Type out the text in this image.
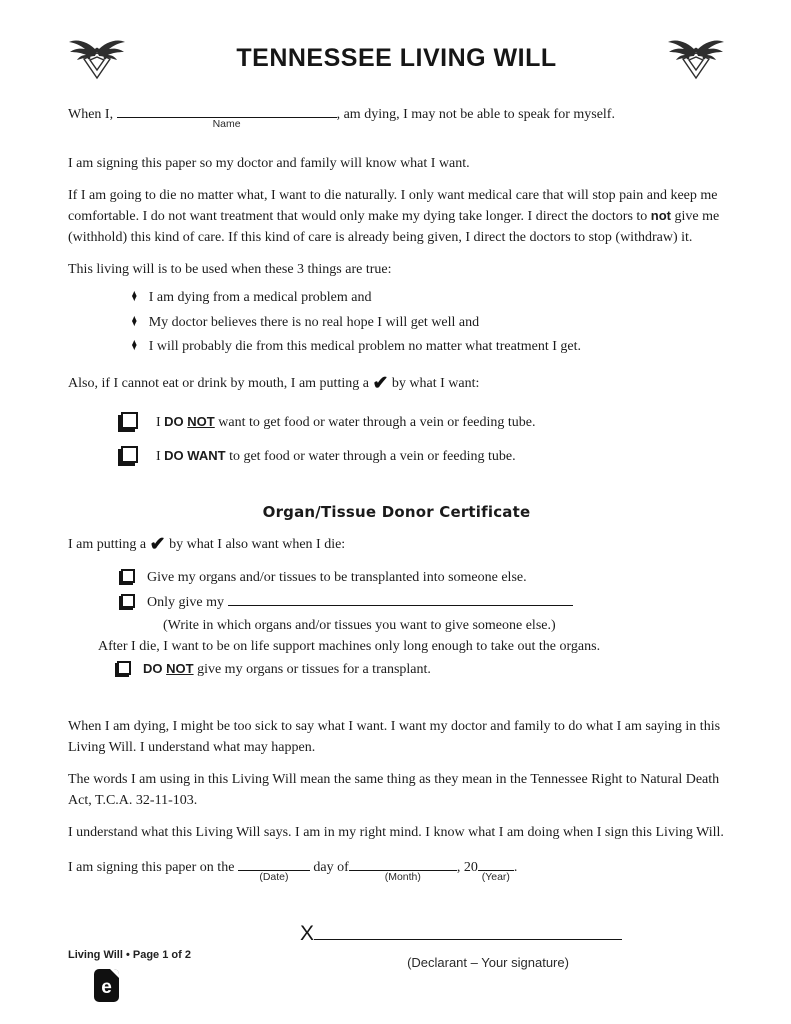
TENNESSEE LIVING WILL
When I,
Name
, am dying, I may not be able to speak for myself.

I am signing this paper so my doctor and family will know what I want.

If I am going to die no matter what, I want to die naturally. I only want medical care that will stop pain and keep me comfortable. I do not want treatment that would only make my dying take longer. I direct the doctors to not give me (withhold) this kind of care. If this kind of care is already being given, I direct the doctors to stop (withdraw) it.

This living will is to be used when these 3 things are true:

♦ I am dying from a medical problem and
♦ My doctor believes there is no real hope I will get well and
♦ I will probably die from this medical problem no matter what treatment I get.
Also, if I cannot eat or drink by mouth, I am putting a ✔ by what I want:
I DO NOT want to get food or water through a vein or feeding tube.
I DO WANT to get food or water through a vein or feeding tube.
Organ/Tissue Donor Certificate
I am putting a ✔ by what I also want when I die:
Give my organs and/or tissues to be transplanted into someone else.
Only give my
(Write in which organs and/or tissues you want to give someone else.)
After I die, I want to be on life support machines only long enough to take out the organs.
DO NOT give my organs or tissues for a transplant.

When I am dying, I might be too sick to say what I want. I want my doctor and family to do what I am saying in this Living Will. I understand what may happen.

The words I am using in this Living Will mean the same thing as they mean in the Tennessee Right to Natural Death Act, T.C.A. 32-11-103.

I understand what this Living Will says. I am in my right mind. I know what I am doing when I sign this Living Will.

I am signing this paper on the
(Date)
day of
(Month)
, 20
(Year)
.
X
(Declarant – Your signature)
Living Will • Page 1 of 2
e
